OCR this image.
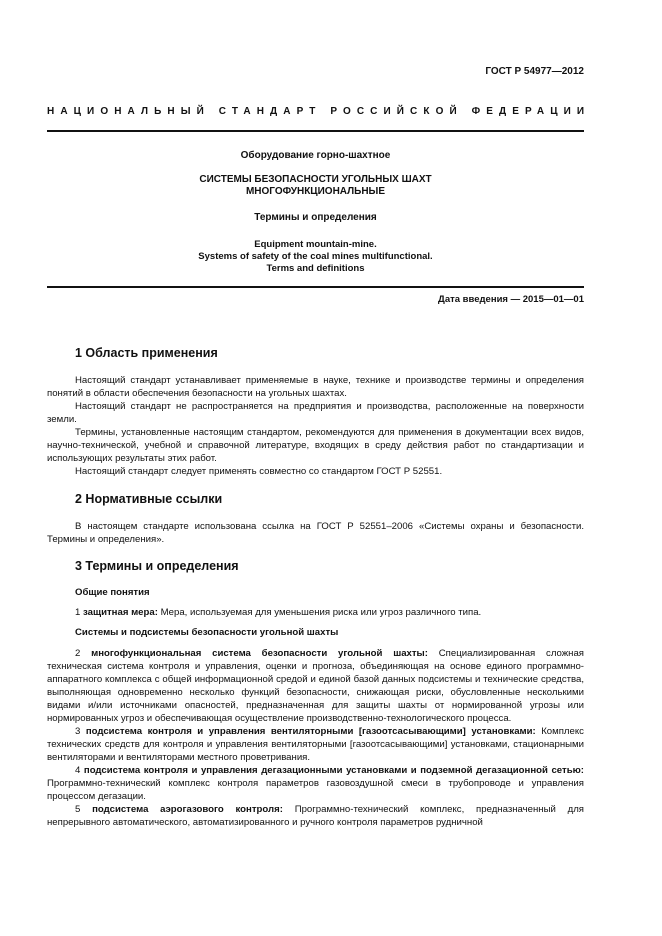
ГОСТ Р 54977—2012
НАЦИОНАЛЬНЫЙ СТАНДАРТ РОССИЙСКОЙ ФЕДЕРАЦИИ
Оборудование горно-шахтное
СИСТЕМЫ БЕЗОПАСНОСТИ УГОЛЬНЫХ ШАХТ
МНОГОФУНКЦИОНАЛЬНЫЕ
Термины и определения
Equipment mountain-mine.
Systems of safety of the coal mines multifunctional.
Terms and definitions
Дата введения — 2015—01—01
1 Область применения

Настоящий стандарт устанавливает применяемые в науке, технике и производстве термины и определения понятий в области обеспечения безопасности на угольных шахтах.

Настоящий стандарт не распространяется на предприятия и производства, расположенные на поверхности земли.

Термины, установленные настоящим стандартом, рекомендуются для применения в документации всех видов, научно-технической, учебной и справочной литературе, входящих в среду действия работ по стандартизации и использующих результаты этих работ.

Настоящий стандарт следует применять совместно со стандартом ГОСТ Р 52551.

2 Нормативные ссылки

В настоящем стандарте использована ссылка на ГОСТ Р 52551–2006 «Системы охраны и безопасности. Термины и определения».

3 Термины и определения
Общие понятия

1 защитная мера: Мера, используемая для уменьшения риска или угроз различного типа.

Системы и подсистемы безопасности угольной шахты

2 многофункциональная система безопасности угольной шахты: Специализированная сложная техническая система контроля и управления, оценки и прогноза, объединяющая на основе единого программно-аппаратного комплекса с общей информационной средой и единой базой данных подсистемы и технические средства, выполняющая одновременно несколько функций безопасности, снижающая риски, обусловленные несколькими видами и/или источниками опасностей, предназначенная для защиты шахты от нормированной угрозы или нормированных угроз и обеспечивающая осуществление производственно-технологического процесса.

3 подсистема контроля и управления вентиляторными [газоотсасывающими] установками: Комплекс технических средств для контроля и управления вентиляторными [газоотсасывающими] установками, стационарными вентиляторами и вентиляторами местного проветривания.

4 подсистема контроля и управления дегазационными установками и подземной дегазационной сетью: Программно-технический комплекс контроля параметров газовоздушной смеси в трубопроводе и управления процессом дегазации.

5 подсистема аэрогазового контроля: Программно-технический комплекс, предназначенный для непрерывного автоматического, автоматизированного и ручного контроля параметров рудничной
